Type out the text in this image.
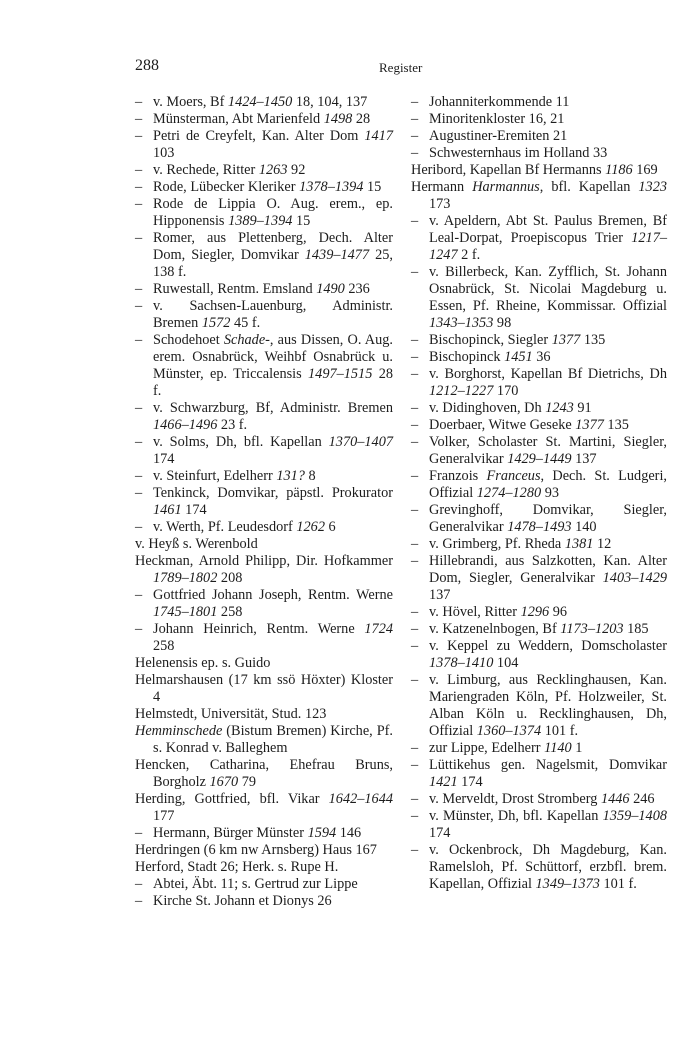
288	Register
– v. Moers, Bf 1424–1450 18, 104, 137
– Münsterman, Abt Marienfeld 1498 28
– Petri de Creyfelt, Kan. Alter Dom 1417 103
– v. Rechede, Ritter 1263 92
– Rode, Lübecker Kleriker 1378–1394 15
– Rode de Lippia O. Aug. erem., ep. Hipponensis 1389–1394 15
– Romer, aus Plettenberg, Dech. Alter Dom, Siegler, Domvikar 1439–1477 25, 138 f.
– Ruwestall, Rentm. Emsland 1490 236
– v. Sachsen-Lauenburg, Administr. Bremen 1572 45 f.
– Schodehoet Schade-, aus Dissen, O. Aug. erem. Osnabrück, Weihbf Osnabrück u. Münster, ep. Triccalensis 1497–1515 28 f.
– v. Schwarzburg, Bf, Administr. Bremen 1466–1496 23 f.
– v. Solms, Dh, bfl. Kapellan 1370–1407 174
– v. Steinfurt, Edelherr 131? 8
– Tenkinck, Domvikar, päpstl. Prokurator 1461 174
– v. Werth, Pf. Leudesdorf 1262 6
v. Heyß s. Werenbold
Heckman, Arnold Philipp, Dir. Hofkammer 1789–1802 208
– Gottfried Johann Joseph, Rentm. Werne 1745–1801 258
– Johann Heinrich, Rentm. Werne 1724 258
Helenensis ep. s. Guido
Helmarshausen (17 km ssö Höxter) Kloster 4
Helmstedt, Universität, Stud. 123
Hemminschede (Bistum Bremen) Kirche, Pf. s. Konrad v. Balleghem
Hencken, Catharina, Ehefrau Bruns, Borgholz 1670 79
Herding, Gottfried, bfl. Vikar 1642–1644 177
– Hermann, Bürger Münster 1594 146
Herdringen (6 km nw Arnsberg) Haus 167
Herford, Stadt 26; Herk. s. Rupe H.
– Abtei, Äbt. 11; s. Gertrud zur Lippe
– Kirche St. Johann et Dionys 26
– Johanniterkommende 11
– Minoritenkloster 16, 21
– Augustiner-Eremiten 21
– Schwesternhaus im Holland 33
Heribord, Kapellan Bf Hermanns 1186 169
Hermann Harmannus, bfl. Kapellan 1323 173
– v. Apeldern, Abt St. Paulus Bremen, Bf Leal-Dorpat, Proepiscopus Trier 1217–1247 2 f.
– v. Billerbeck, Kan. Zyfflich, St. Johann Osnabrück, St. Nicolai Magdeburg u. Essen, Pf. Rheine, Kommissar. Offizial 1343–1353 98
– Bischopinck, Siegler 1377 135
– Bischopinck 1451 36
– v. Borghorst, Kapellan Bf Dietrichs, Dh 1212–1227 170
– v. Didinghoven, Dh 1243 91
– Doerbaer, Witwe Geseke 1377 135
– Volker, Scholaster St. Martini, Siegler, Generalvikar 1429–1449 137
– Franzois Franceus, Dech. St. Ludgeri, Offizial 1274–1280 93
– Grevinghoff, Domvikar, Siegler, Generalvikar 1478–1493 140
– v. Grimberg, Pf. Rheda 1381 12
– Hillebrandi, aus Salzkotten, Kan. Alter Dom, Siegler, Generalvikar 1403–1429 137
– v. Hövel, Ritter 1296 96
– v. Katzenelnbogen, Bf 1173–1203 185
– v. Keppel zu Weddern, Domscholaster 1378–1410 104
– v. Limburg, aus Recklinghausen, Kan. Mariengraden Köln, Pf. Holzweiler, St. Alban Köln u. Recklinghausen, Dh, Offizial 1360–1374 101 f.
– zur Lippe, Edelherr 1140 1
– Lüttikehus gen. Nagelsmit, Domvikar 1421 174
– v. Merveldt, Drost Stromberg 1446 246
– v. Münster, Dh, bfl. Kapellan 1359–1408 174
– v. Ockenbrock, Dh Magdeburg, Kan. Ramelsloh, Pf. Schüttorf, erzbfl. brem. Kapellan, Offizial 1349–1373 101 f.
